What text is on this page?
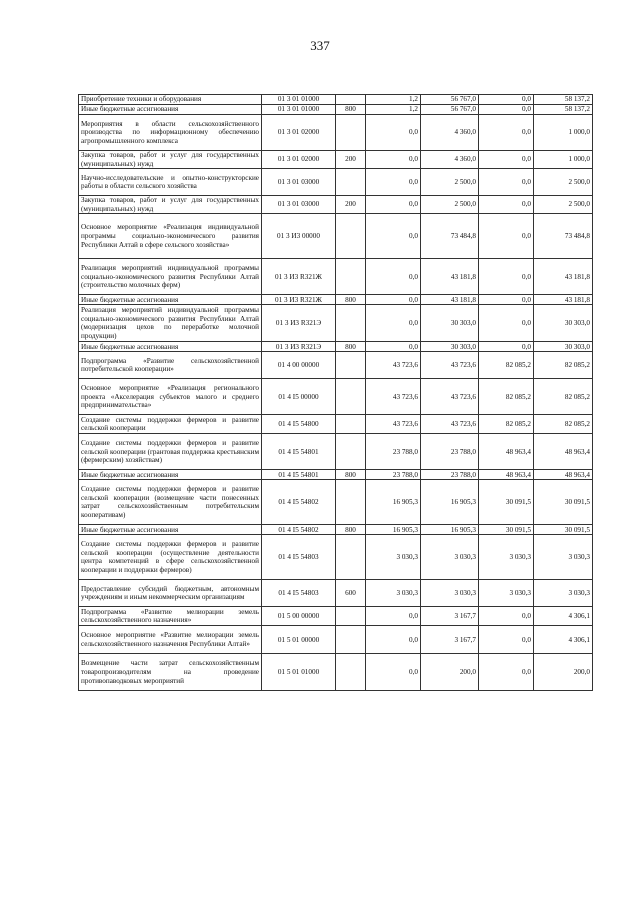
337
Приобретение техники и оборудования	01 3 01 01000		1,2	56 767,0	0,0	58 137,2
Иные бюджетные ассигнования	01 3 01 01000	800	1,2	56 767,0	0,0	58 137,2
Мероприятия в области сельскохозяйственного производства по информационному обеспечению агропромышленного комплекса	01 3 01 02000		0,0	4 360,0	0,0	1 000,0
Закупка товаров, работ и услуг для государственных (муниципальных) нужд	01 3 01 02000	200	0,0	4 360,0	0,0	1 000,0
Научно-исследовательские и опытно-конструкторские работы в области сельского хозяйства	01 3 01 03000		0,0	2 500,0	0,0	2 500,0
Закупка товаров, работ и услуг для государственных (муниципальных) нужд	01 3 01 03000	200	0,0	2 500,0	0,0	2 500,0
Основное мероприятие «Реализация индивидуальной программы социально-экономического развития Республики Алтай в сфере сельского хозяйства»	01 3 И3 00000		0,0	73 484,8	0,0	73 484,8
Реализация мероприятий индивидуальной программы социально-экономического развития Республики Алтай (строительство молочных ферм)	01 3 И3 R321Ж		0,0	43 181,8	0,0	43 181,8
Иные бюджетные ассигнования	01 3 И3 R321Ж	800	0,0	43 181,8	0,0	43 181,8
Реализация мероприятий индивидуальной программы социально-экономического развития Республики Алтай (модернизация цехов по переработке молочной продукции)	01 3 И3 R321Э		0,0	30 303,0	0,0	30 303,0
Иные бюджетные ассигнования	01 3 И3 R321Э	800	0,0	30 303,0	0,0	30 303,0
Подпрограмма «Развитие сельскохозяйственной потребительской кооперации»	01 4 00 00000		43 723,6	43 723,6	82 085,2	82 085,2
Основное мероприятие «Реализация регионального проекта «Акселерация субъектов малого и среднего предпринимательства»	01 4 I5 00000		43 723,6	43 723,6	82 085,2	82 085,2
Создание системы поддержки фермеров и развитие сельской кооперации	01 4 I5 54800		43 723,6	43 723,6	82 085,2	82 085,2
Создание системы поддержки фермеров и развитие сельской кооперации (грантовая поддержка крестьянским (фермерским) хозяйствам)	01 4 I5 54801		23 788,0	23 788,0	48 963,4	48 963,4
Иные бюджетные ассигнования	01 4 I5 54801	800	23 788,0	23 788,0	48 963,4	48 963,4
Создание системы поддержки фермеров и развитие сельской кооперации (возмещение части понесенных затрат сельскохозяйственным потребительским кооперативам)	01 4 I5 54802		16 905,3	16 905,3	30 091,5	30 091,5
Иные бюджетные ассигнования	01 4 I5 54802	800	16 905,3	16 905,3	30 091,5	30 091,5
Создание системы поддержки фермеров и развитие сельской кооперации (осуществление деятельности центра компетенций в сфере сельскохозяйственной кооперации и поддержки фермеров)	01 4 I5 54803		3 030,3	3 030,3	3 030,3	3 030,3
Предоставление субсидий бюджетным, автономным учреждениям и иным некоммерческим организациям	01 4 I5 54803	600	3 030,3	3 030,3	3 030,3	3 030,3
Подпрограмма «Развитие мелиорации земель сельскохозяйственного назначения»	01 5 00 00000		0,0	3 167,7	0,0	4 306,1
Основное мероприятие «Развитие мелиорации земель сельскохозяйственного назначения Республики Алтай»	01 5 01 00000		0,0	3 167,7	0,0	4 306,1
Возмещение части затрат сельскохозяйственным товаропроизводителям на проведение противопаводковых мероприятий	01 5 01 01000		0,0	200,0	0,0	200,0
